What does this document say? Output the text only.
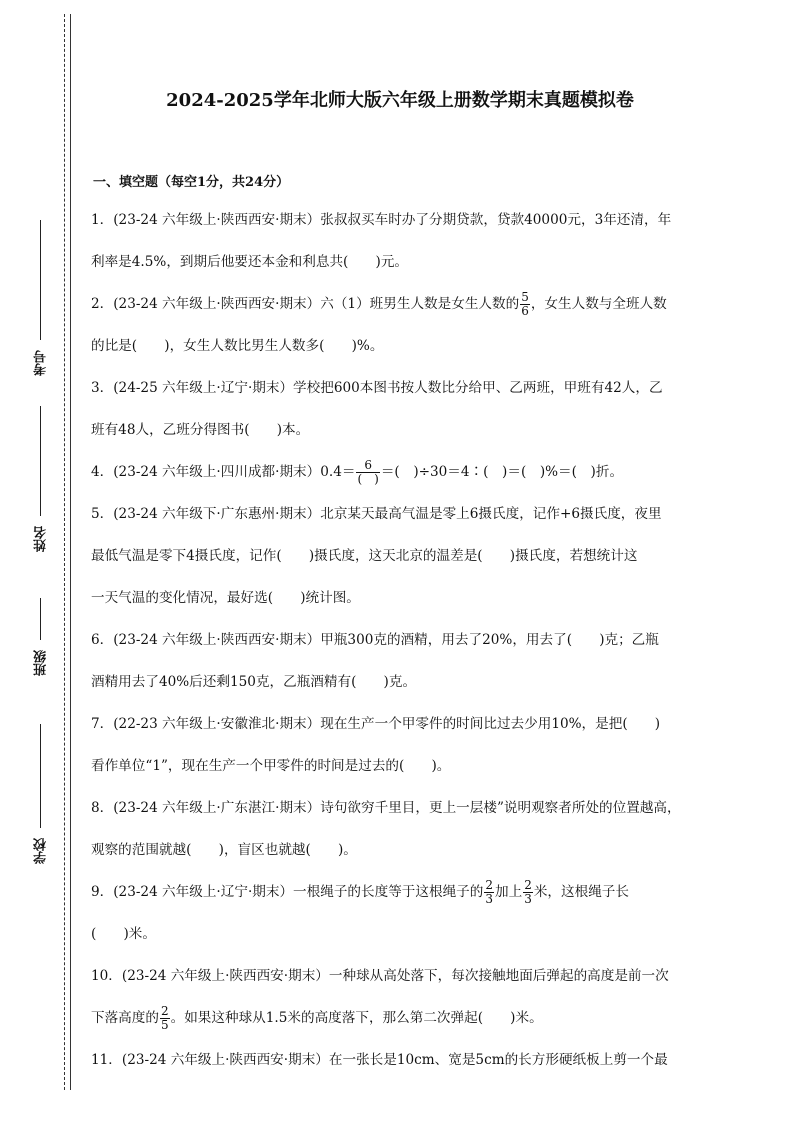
考号
姓名
班级
学校
2024-2025学年北师大版六年级上册数学期末真题模拟卷
一、填空题（每空1分，共24分）
1．(23-24 六年级上·陕西西安·期末）张叔叔买车时办了分期贷款，贷款40000元，3年还清，年
利率是4.5%，到期后他要还本金和利息共(　　)元。
2．(23-24 六年级上·陕西西安·期末）六（1）班男生人数是女生人数的 $\frac{5}{6}$ ，女生人数与全班人数
的比是(　　)，女生人数比男生人数多(　　)%。
3．(24-25 六年级上·辽宁·期末）学校把600本图书按人数比分给甲、乙两班，甲班有42人，乙
班有48人，乙班分得图书(　　)本。
4．(23-24 六年级上·四川成都·期末）$0.4= \frac{6}{( )}$ ＝(　)÷30＝4∶(　)＝(　)%＝(　)折。
5．(23-24 六年级下·广东惠州·期末）北京某天最高气温是零上6摄氏度，记作+6摄氏度，夜里
最低气温是零下4摄氏度，记作(　　)摄氏度，这天北京的温差是(　　)摄氏度，若想统计这
一天气温的变化情况，最好选(　　)统计图。
6．(23-24 六年级上·陕西西安·期末）甲瓶300克的酒精，用去了20%，用去了(　　)克；乙瓶
酒精用去了40%后还剩150克，乙瓶酒精有(　　)克。
7．(22-23 六年级上·安徽淮北·期末）现在生产一个甲零件的时间比过去少用10%，是把(　　)
看作单位“1”，现在生产一个甲零件的时间是过去的(　　)。
8．(23-24 六年级上·广东湛江·期末）诗句欲穷千里目，更上一层楼”说明观察者所处的位置越高，
观察的范围就越(　　)，盲区也就越(　　)。
9．(23-24 六年级上·辽宁·期末）一根绳子的长度等于这根绳子的 $\frac{2}{3}$ 加上 $\frac{2}{3}$ 米，这根绳子长
(　　)米。
10．(23-24 六年级上·陕西西安·期末）一种球从高处落下，每次接触地面后弹起的高度是前一次
下落高度的 $\frac{2}{5}$ 。如果这种球从1.5米的高度落下，那么第二次弹起(　　)米。
11．(23-24 六年级上·陕西西安·期末）在一张长是10cm、宽是5cm的长方形硬纸板上剪一个最
